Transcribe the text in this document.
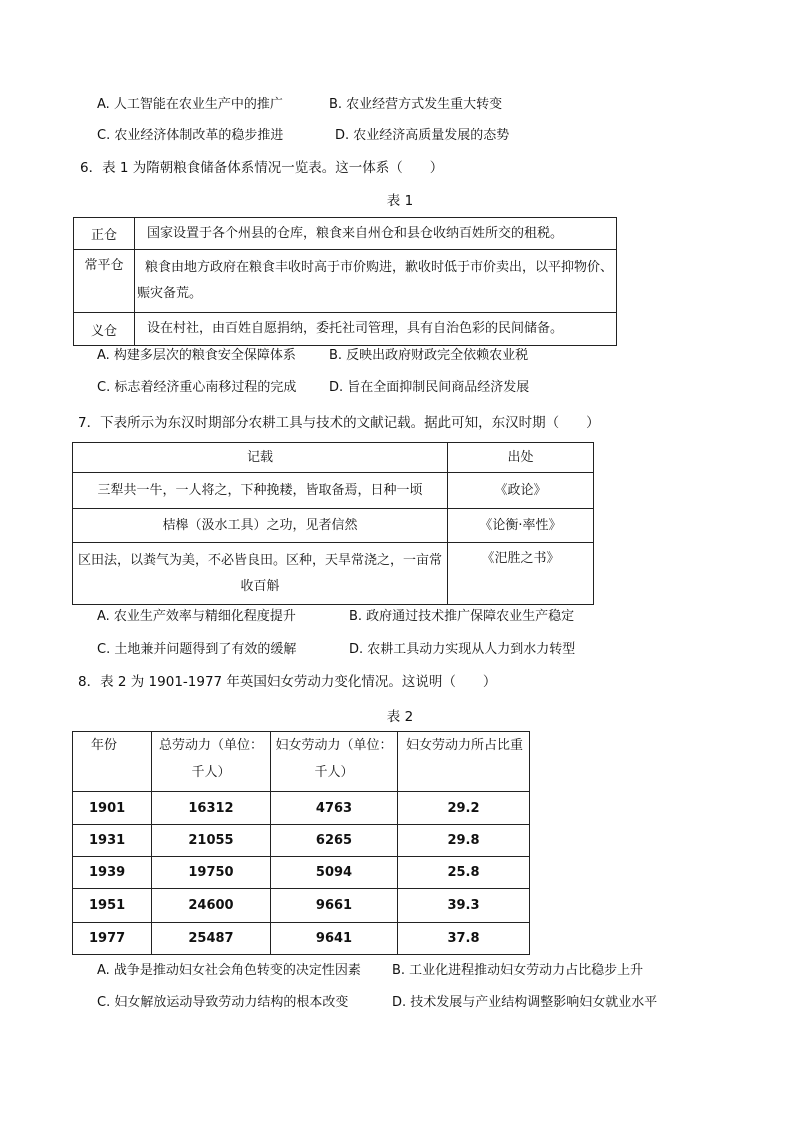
A. 人工智能在农业生产中的推广	B. 农业经营方式发生重大转变
C. 农业经济体制改革的稳步推进	D. 农业经济高质量发展的态势
6．表 1 为隋朝粮食储备体系情况一览表。这一体系（　　）
表 1
正仓	国家设置于各个州县的仓库，粮食来自州仓和县仓收纳百姓所交的租税。
常平仓	粮食由地方政府在粮食丰收时高于市价购进，歉收时低于市价卖出，以平抑物价、赈灾备荒。
义仓	设在村社，由百姓自愿捐纳，委托社司管理，具有自治色彩的民间储备。
A. 构建多层次的粮食安全保障体系	B. 反映出政府财政完全依赖农业税
C. 标志着经济重心南移过程的完成	D. 旨在全面抑制民间商品经济发展
7．下表所示为东汉时期部分农耕工具与技术的文献记载。据此可知，东汉时期（　　）
记载	出处
三犁共一牛，一人将之，下种挽耧，皆取备焉，日种一顷	《政论》
桔槔（汲水工具）之功，见者信然	《论衡·率性》
区田法，以粪气为美，不必皆良田。区种，天旱常浇之，一亩常收百斛	《汜胜之书》
A. 农业生产效率与精细化程度提升	B. 政府通过技术推广保障农业生产稳定
C. 土地兼并问题得到了有效的缓解	D. 农耕工具动力实现从人力到水力转型
8．表 2 为 1901-1977 年英国妇女劳动力变化情况。这说明（　　）
表 2
年份	总劳动力（单位：千人）	妇女劳动力（单位：千人）	妇女劳动力所占比重
1901	16312	4763	29.2
1931	21055	6265	29.8
1939	19750	5094	25.8
1951	24600	9661	39.3
1977	25487	9641	37.8
A. 战争是推动妇女社会角色转变的决定性因素 B. 工业化进程推动妇女劳动力占比稳步上升
C. 妇女解放运动导致劳动力结构的根本改变	D. 技术发展与产业结构调整影响妇女就业水平
